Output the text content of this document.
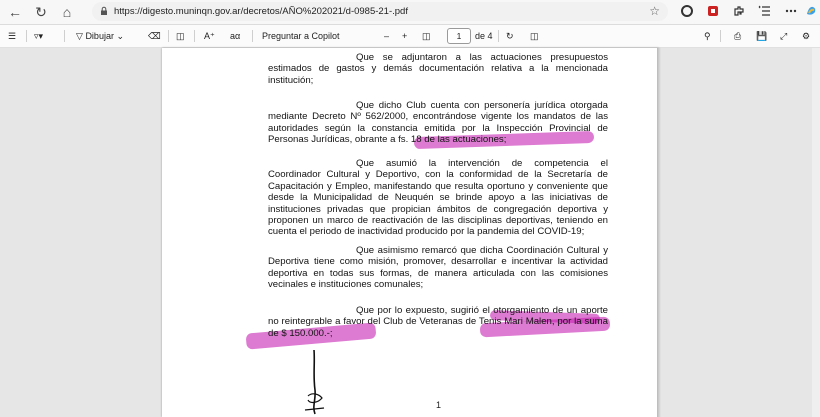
← ↻	⌂	https://digesto.muninqn.gov.ar/decretos/AÑO%202021/d-0985-21-.pdf	☆
☰ ▿▾	▽
Dibujar
⌄	⌫ ◫ A⁺ aα Preguntar a Copilot	– + ◫	1	de 4 ↻ ◫	⚲	⎙ 💾 ⤢ ⚙
Que se adjuntaron a las actuaciones presupuestos estimados de gastos y demás documentación relativa a la mencionada institución;
Que dicho Club cuenta con personería jurídica otorgada mediante Decreto Nº 562/2000, encontrándose vigente los mandatos de las autoridades según la constancia emitida por la Inspección Provincial de Personas Jurídicas, obrante a fs. 18 de las actuaciones;
Que asumió la intervención de competencia el Coordinador Cultural y Deportivo, con la conformidad de la Secretaría de Capacitación y Empleo, manifestando que resulta oportuno y conveniente que desde la Municipalidad de Neuquén se brinde apoyo a las iniciativas de instituciones privadas que propician ámbitos de congregación deportiva y proponen un marco de reactivación de las disciplinas deportivas, teniendo en cuenta el periodo de inactividad producido por la pandemia del COVID-19;
Que asimismo remarcó que dicha Coordinación Cultural y Deportiva tiene como misión, promover, desarrollar e incentivar la actividad deportiva en todas sus formas, de manera articulada con las comisiones vecinales e instituciones comunales;
Que por lo expuesto, sugirió el otorgamiento de un aporte no reintegrable a favor del Club de Veteranas de Tenis Mari Malen, por la suma de $ 150.000.-;
1
